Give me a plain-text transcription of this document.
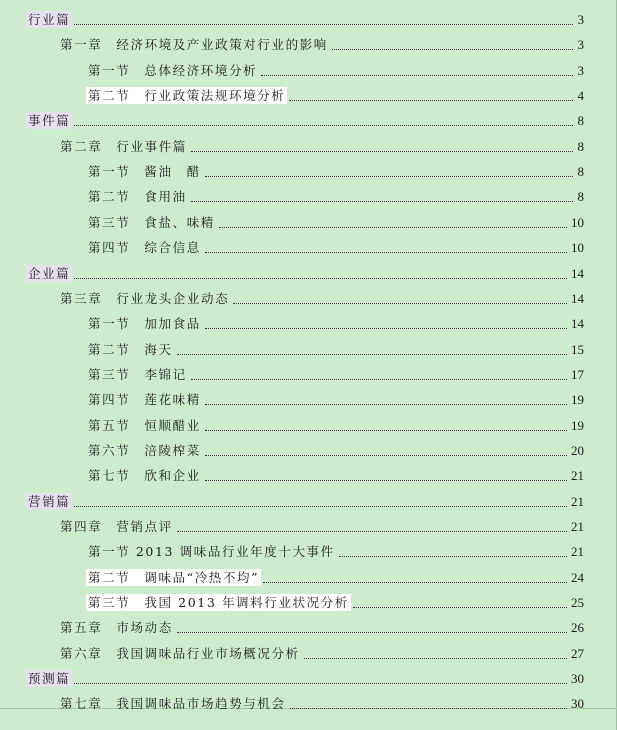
行业篇	3
第一章　经济环境及产业政策对行业的影响	3
第一节　总体经济环境分析	3
第二节　行业政策法规环境分析	4
事件篇	8
第二章　行业事件篇	8
第一节　酱油　醋	8
第二节　食用油	8
第三节　食盐、味精	10
第四节　综合信息	10
企业篇	14
第三章　行业龙头企业动态	14
第一节　加加食品	14
第二节　海天	15
第三节　李锦记	17
第四节　莲花味精	19
第五节　恒顺醋业	19
第六节　涪陵榨菜	20
第七节　欣和企业	21
营销篇	21
第四章　营销点评	21
第一节 2013 调味品行业年度十大事件	21
第二节　调味品“冷热不均”	24
第三节　我国 2013 年调料行业状况分析	25
第五章　市场动态	26
第六章　我国调味品行业市场概况分析	27
预测篇	30
第七章　我国调味品市场趋势与机会	30
